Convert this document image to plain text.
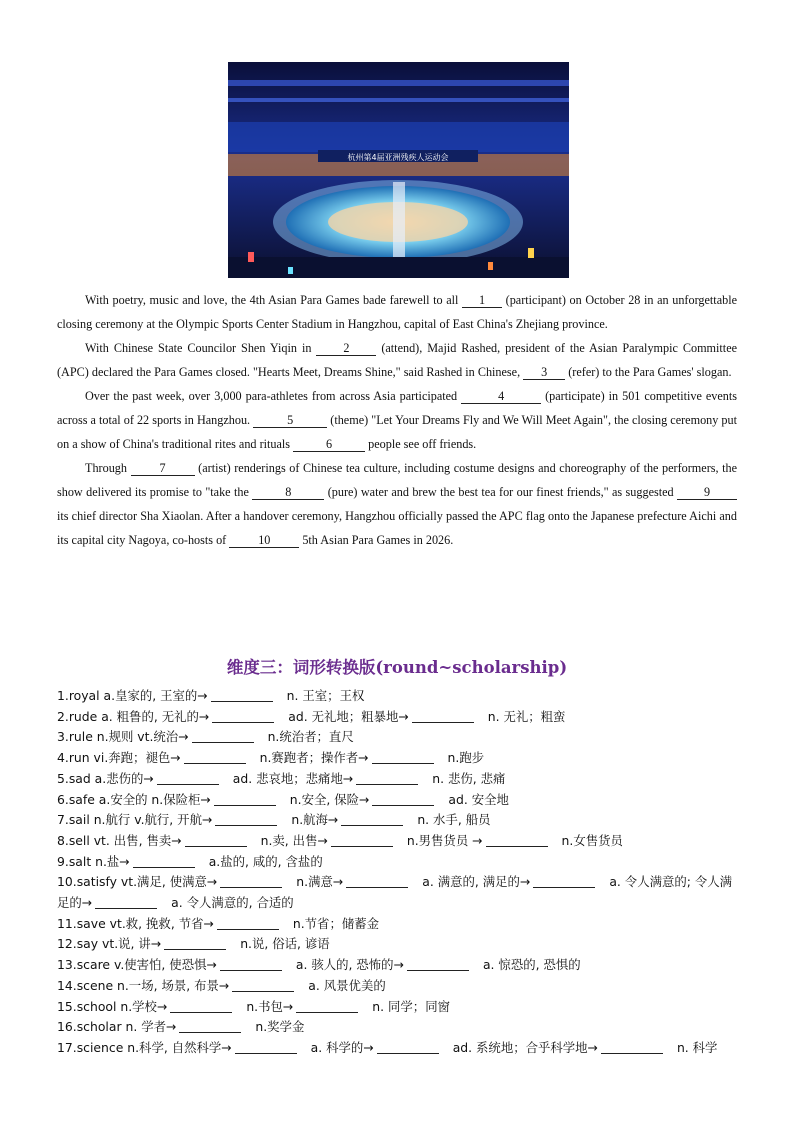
杭州第4届亚洲残疾人运动会

With poetry, music and love, the 4th Asian Para Games bade farewell to all 1 (participant) on October 28 in an unforgettable closing ceremony at the Olympic Sports Center Stadium in Hangzhou, capital of East China's Zhejiang province.

With Chinese State Councilor Shen Yiqin in	2	(attend), Majid Rashed, president of the Asian Paralympic Committee (APC) declared the Para Games closed. "Hearts Meet, Dreams Shine," said Rashed in Chinese, 3 (refer) to the Para Games' slogan.

Over the past week, over 3,000 para-athletes from across Asia participated	4	(participate) in 501 competitive events across a total of 22 sports in Hangzhou.	5	(theme) "Let Your Dreams Fly and We Will Meet Again", the closing ceremony put on a show of China's traditional rites and rituals	6	people see off friends.

Through	7	(artist) renderings of Chinese tea culture, including costume designs and choreography of the performers, the show delivered its promise to "take the	8	(pure) water and brew the best tea for our finest friends," as suggested 9 its chief director Sha Xiaolan. After a handover ceremony, Hangzhou officially passed the APC flag onto the Japanese prefecture Aichi and its capital city Nagoya, co-hosts of	10	5th Asian Para Games in 2026.

维度三：词形转换版(round~scholarship)
1.royal a.皇家的, 王室的→	n. 王室；王权
2.rude a. 粗鲁的, 无礼的→	ad. 无礼地；粗暴地→	n. 无礼；粗蛮
3.rule n.规则 vt.统治→	n.统治者；直尺
4.run vi.奔跑；褪色→	n.赛跑者；操作者→	n.跑步
5.sad a.悲伤的→	ad. 悲哀地；悲痛地→	n. 悲伤, 悲痛
6.safe a.安全的 n.保险柜→	n.安全, 保险→	ad. 安全地
7.sail n.航行 v.航行, 开航→	n.航海→	n. 水手, 船员
8.sell vt. 出售, 售卖→	n.卖, 出售→	n.男售货员 →	n.女售货员
9.salt n.盐→	a.盐的, 咸的, 含盐的
10.satisfy vt.满足, 使满意→	n.满意→	a. 满意的, 满足的→	a. 令人满意的; 令人满足的→	a. 令人满意的, 合适的
11.save vt.救, 挽救, 节省→	n.节省；储蓄金
12.say vt.说, 讲→	n.说, 俗话, 谚语
13.scare v.使害怕, 使恐惧→	a. 骇人的, 恐怖的→	a. 惊恐的, 恐惧的
14.scene n.一场, 场景, 布景→	a. 风景优美的
15.school n.学校→	n.书包→	n. 同学；同窗
16.scholar n. 学者→	n.奖学金
17.science n.科学, 自然科学→	a. 科学的→	ad. 系统地；合乎科学地→	n. 科学
